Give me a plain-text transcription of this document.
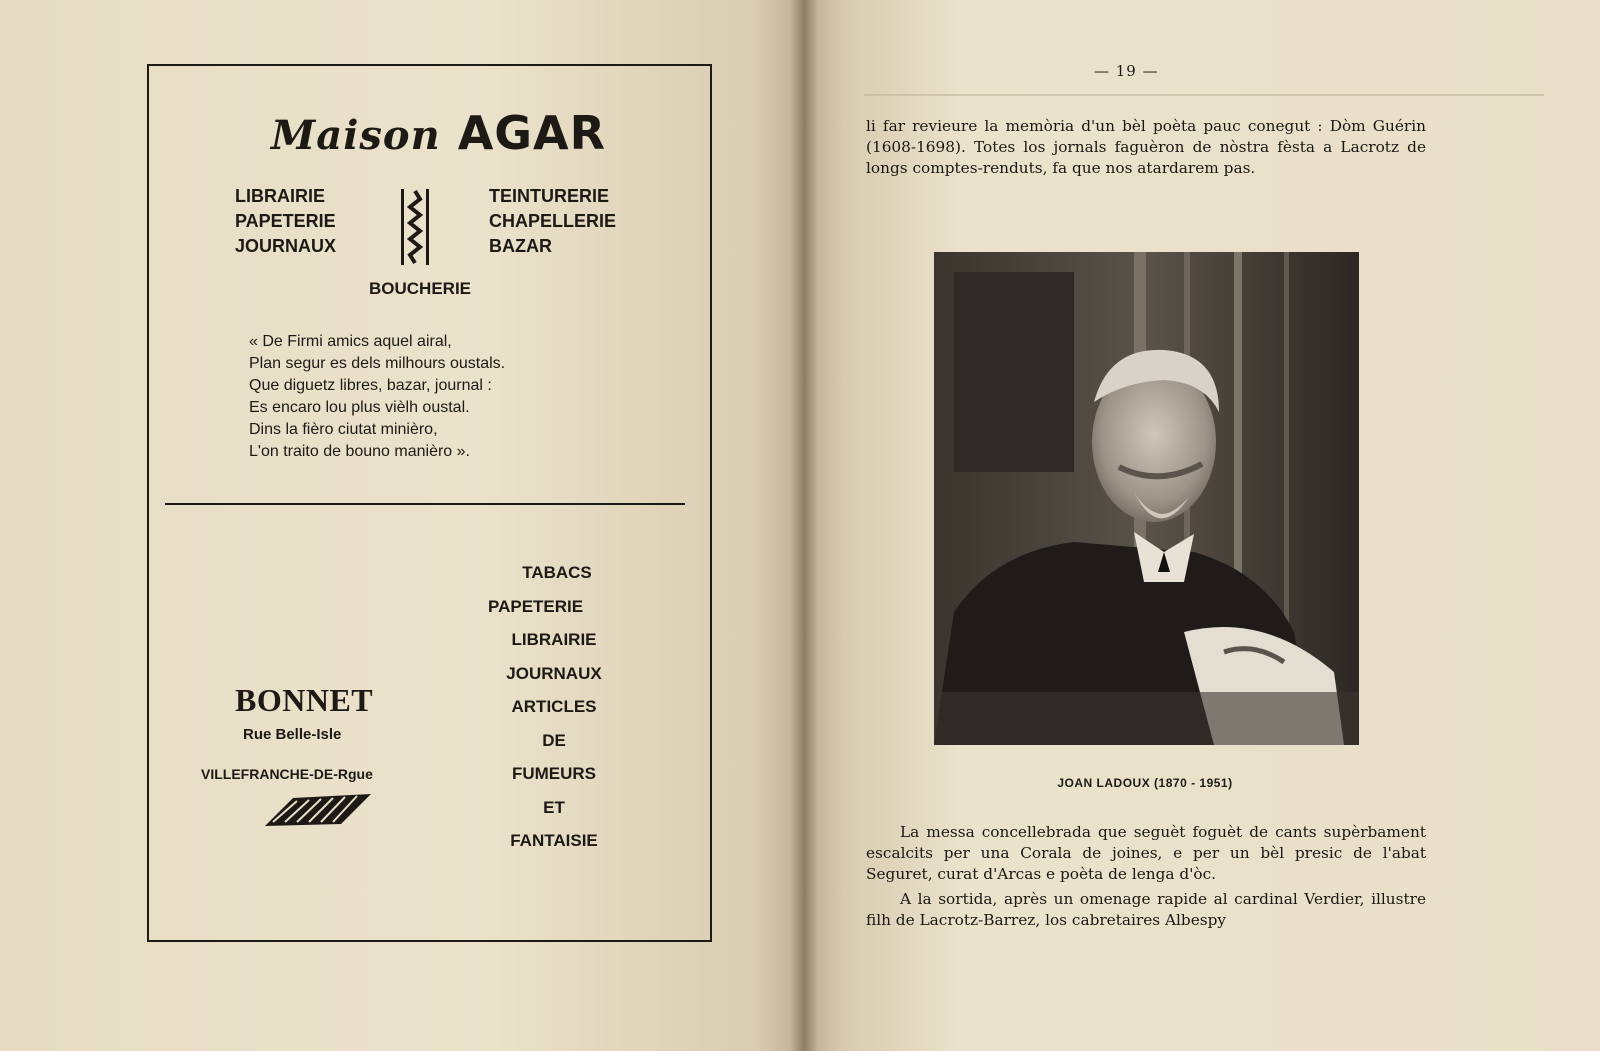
Maison AGAR
LIBRAIRIE
PAPETERIE
JOURNAUX
TEINTURERIE
CHAPELLERIE
BAZAR
BOUCHERIE

« De Firmi amics aquel airal,

Plan segur es dels milhours oustals.

Que diguetz libres, bazar, journal :

Es encaro lou plus vièlh oustal.

Dins la fièro ciutat minièro,

L'on traito de bouno manièro ».

TABACS
PAPETERIE
LIBRAIRIE
JOURNAUX
ARTICLES
DE
FUMEURS
ET
FANTAISIE
BONNET
Rue Belle-Isle
VILLEFRANCHE-DE-Rgue
— 19 —

li far revieure la memòria d'un bèl poèta pauc conegut : Dòm Guérin (1608-1698). Totes los jornals faguèron de nòstra fèsta a Lacrotz de longs comptes-renduts, fa que nos atardarem pas.

JOAN LADOUX (1870 - 1951)

La messa concellebrada que seguèt foguèt de cants supèrbament escalcits per una Corala de joines, e per un bèl presic de l'abat Seguret, curat d'Arcas e poèta de lenga d'òc.

A la sortida, après un omenage rapide al cardinal Verdier, illustre filh de Lacrotz-Barrez, los cabretaires Albespy
